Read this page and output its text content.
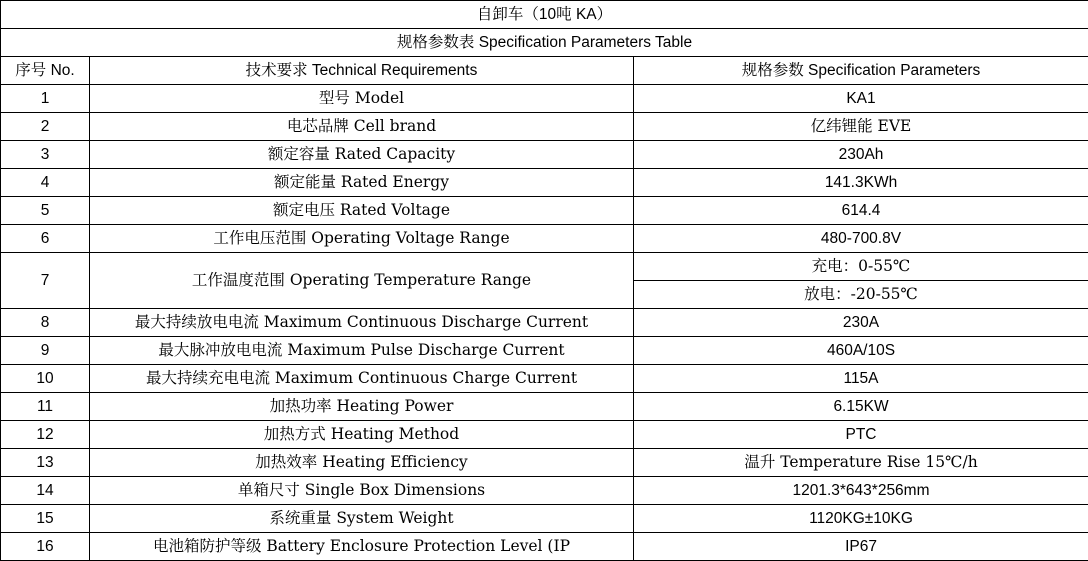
自卸车（10吨 KA）		
规格参数表 Specification Parameters Table		
序号 No.	技术要求 Technical Requirements	规格参数 Specification Parameters
1	型号 Model	KA1
2	电芯品牌 Cell brand	亿纬锂能 EVE
3	额定容量 Rated Capacity	230Ah
4	额定能量 Rated Energy	141.3KWh
5	额定电压 Rated Voltage	614.4
6	工作电压范围 Operating Voltage Range	480-700.8V
7	工作温度范围 Operating Temperature Range	充电：0-55℃
		放电：-20-55℃
8	最大持续放电电流 Maximum Continuous Discharge Current	230A
9	最大脉冲放电电流 Maximum Pulse Discharge Current	460A/10S
10	最大持续充电电流 Maximum Continuous Charge Current	115A
11	加热功率 Heating Power	6.15KW
12	加热方式 Heating Method	PTC
13	加热效率 Heating Efficiency	温升 Temperature Rise 15℃/h
14	单箱尺寸 Single Box Dimensions	1201.3*643*256mm
15	系统重量 System Weight	1120KG±10KG
16	电池箱防护等级 Battery Enclosure Protection Level (IP	IP67
